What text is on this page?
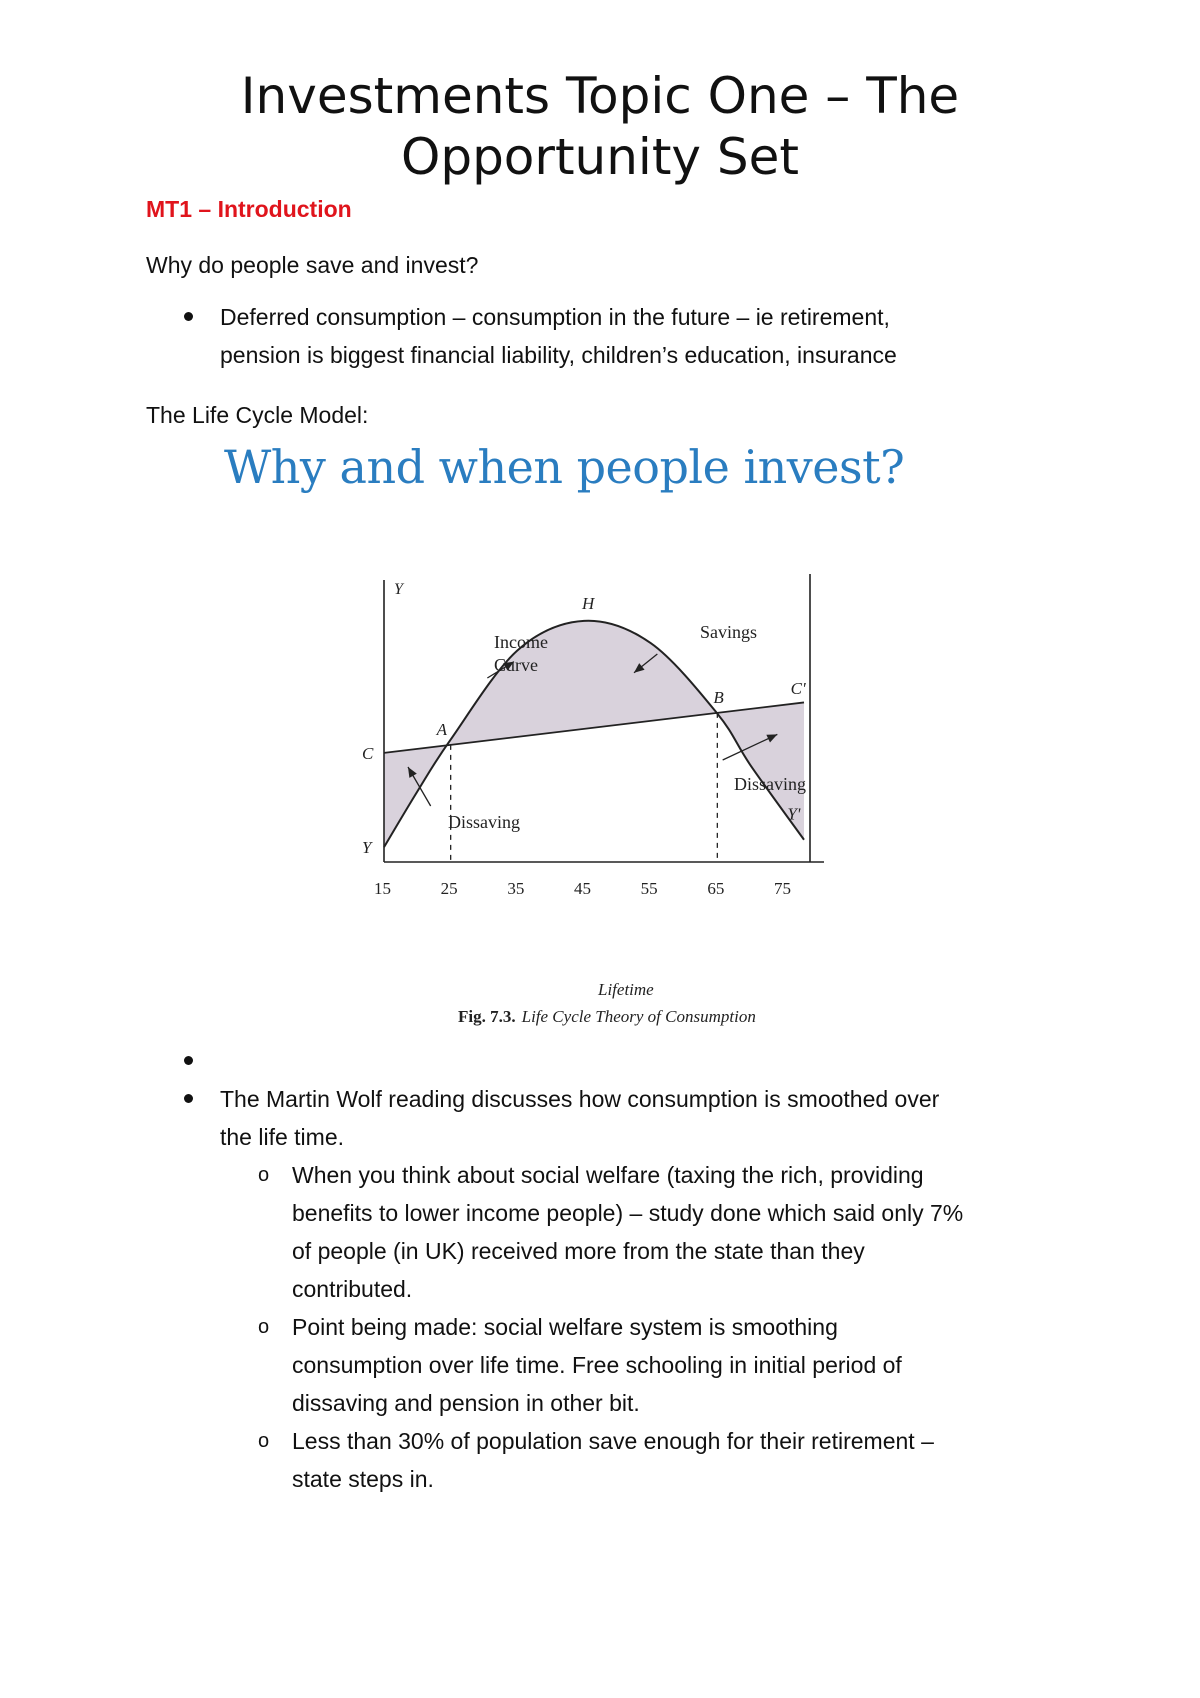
Investments Topic One – The
Opportunity Set
MT1 – Introduction

Why do people save and invest?

Deferred consumption – consumption in the future – ie retirement,
pension is biggest financial liability, children’s education, insurance

The Life Cycle Model:

Why and when people invest?
15	25	35	45	55	65	75
C
Y
A
H
B	C'
Y'
Y
Income
Curve
Savings
Dissaving
Dissaving
Lifetime
Fig. 7.3. Life Cycle Theory of Consumption
The Martin Wolf reading discusses how consumption is smoothed over
the life time.
o When you think about social welfare (taxing the rich, providing
benefits to lower income people) – study done which said only 7%
of people (in UK) received more from the state than they
contributed.
o Point being made: social welfare system is smoothing
consumption over life time. Free schooling in initial period of
dissaving and pension in other bit.
o Less than 30% of population save enough for their retirement –
state steps in.
